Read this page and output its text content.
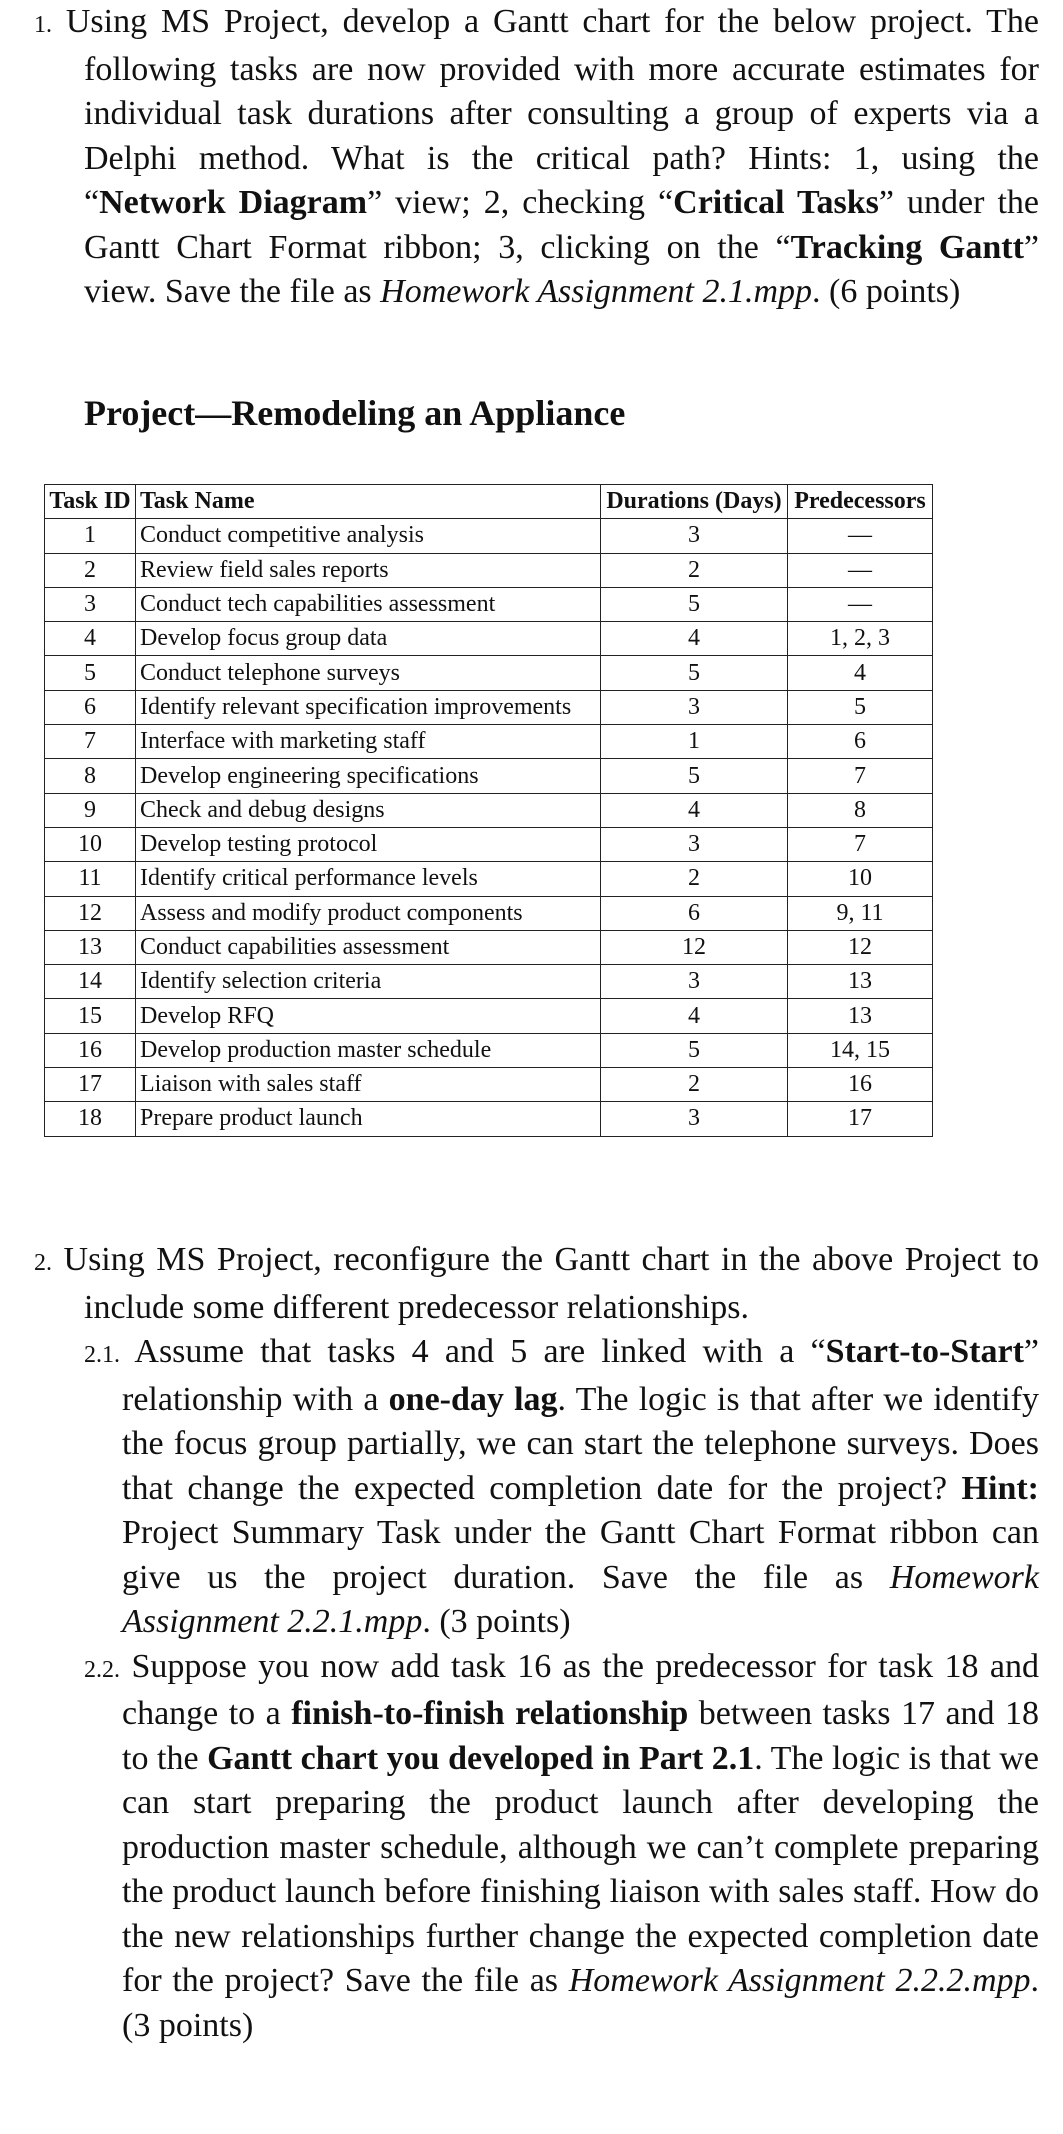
1. Using MS Project, develop a Gantt chart for the below project. The following tasks are now provided with more accurate estimates for individual task durations after consulting a group of experts via a Delphi method. What is the critical path? Hints: 1, using the “Network Diagram” view; 2, checking “Critical Tasks” under the Gantt Chart Format ribbon; 3, clicking on the “Tracking Gantt” view. Save the file as Homework Assignment 2.1.mpp. (6 points)

Project—Remodeling an Appliance
Task ID	Task Name	Durations (Days)	Predecessors
1	Conduct competitive analysis	3	—
2	Review field sales reports	2	—
3	Conduct tech capabilities assessment	5	—
4	Develop focus group data	4	1, 2, 3
5	Conduct telephone surveys	5	4
6	Identify relevant specification improvements	3	5
7	Interface with marketing staff	1	6
8	Develop engineering specifications	5	7
9	Check and debug designs	4	8
10	Develop testing protocol	3	7
11	Identify critical performance levels	2	10
12	Assess and modify product components	6	9, 11
13	Conduct capabilities assessment	12	12
14	Identify selection criteria	3	13
15	Develop RFQ	4	13
16	Develop production master schedule	5	14, 15
17	Liaison with sales staff	2	16
18	Prepare product launch	3	17

2. Using MS Project, reconfigure the Gantt chart in the above Project to include some different predecessor relationships.

2.1. Assume that tasks 4 and 5 are linked with a “Start-to-Start” relationship with a one-day lag. The logic is that after we identify the focus group partially, we can start the telephone surveys. Does that change the expected completion date for the project? Hint: Project Summary Task under the Gantt Chart Format ribbon can give us the project duration. Save the file as Homework Assignment 2.2.1.mpp. (3 points)

2.2. Suppose you now add task 16 as the predecessor for task 18 and change to a finish-to-finish relationship between tasks 17 and 18 to the Gantt chart you developed in Part 2.1. The logic is that we can start preparing the product launch after developing the production master schedule, although we can’t complete preparing the product launch before finishing liaison with sales staff. How do the new relationships further change the expected completion date for the project? Save the file as Homework Assignment 2.2.2.mpp. (3 points)
